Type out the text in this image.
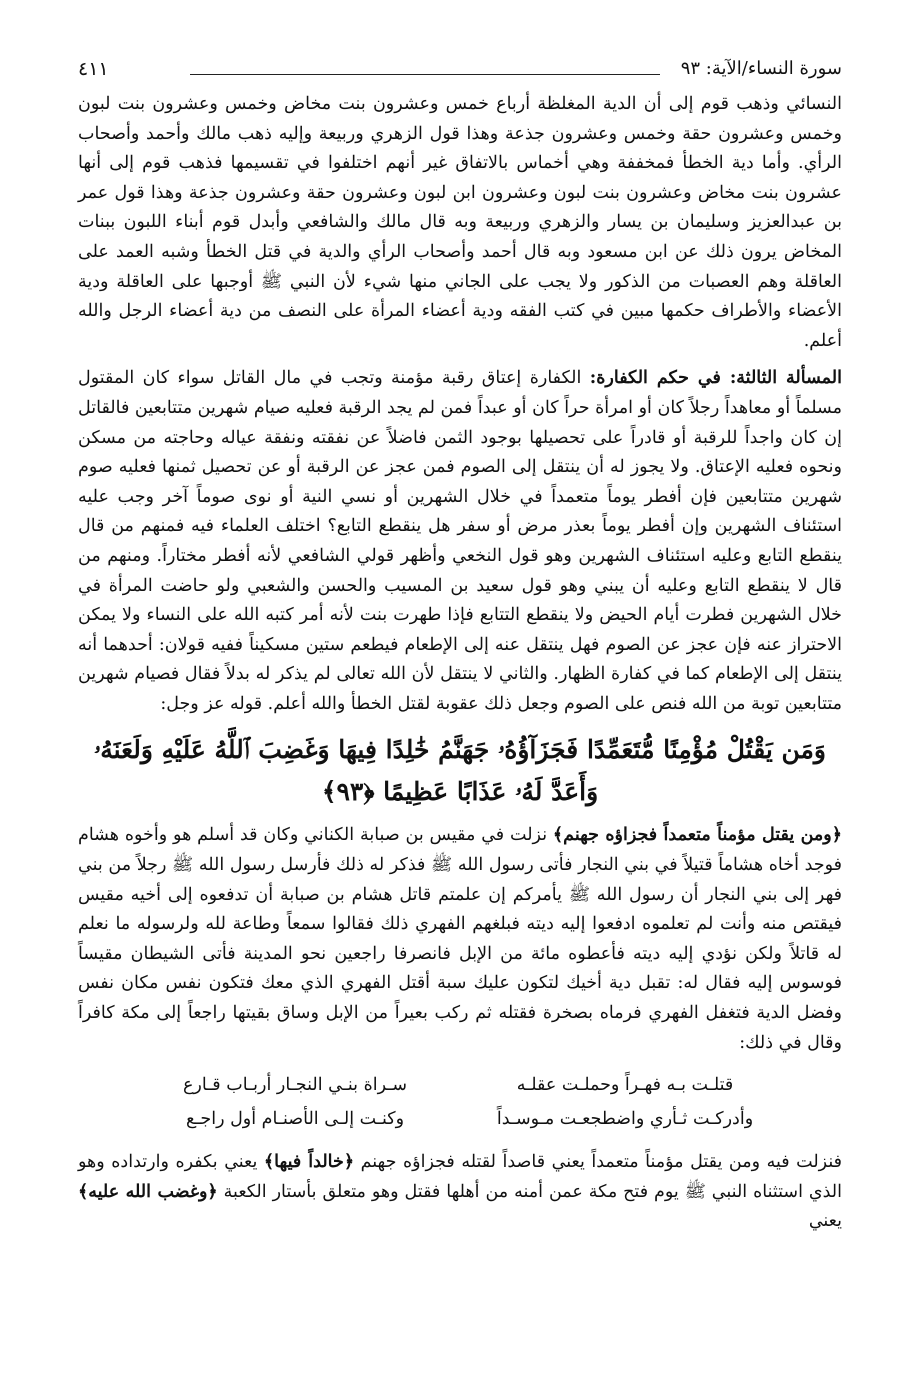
سورة النساء/الآية: ٩٣
٤١١

النسائي وذهب قوم إلى أن الدية المغلظة أرباع خمس وعشرون بنت مخاض وخمس وعشرون بنت لبون وخمس وعشرون حقة وخمس وعشرون جذعة وهذا قول الزهري وربيعة وإليه ذهب مالك وأحمد وأصحاب الرأي. وأما دية الخطأ فمخففة وهي أخماس بالاتفاق غير أنهم اختلفوا في تقسيمها فذهب قوم إلى أنها عشرون بنت مخاض وعشرون بنت لبون وعشرون ابن لبون وعشرون حقة وعشرون جذعة وهذا قول عمر بن عبدالعزيز وسليمان بن يسار والزهري وربيعة وبه قال مالك والشافعي وأبدل قوم أبناء اللبون ببنات المخاض يرون ذلك عن ابن مسعود وبه قال أحمد وأصحاب الرأي والدية في قتل الخطأ وشبه العمد على العاقلة وهم العصبات من الذكور ولا يجب على الجاني منها شيء لأن النبي ﷺ أوجبها على العاقلة ودية الأعضاء والأطراف حكمها مبين في كتب الفقه ودية أعضاء المرأة على النصف من دية أعضاء الرجل والله أعلم.

المسألة الثالثة: في حكم الكفارة: الكفارة إعتاق رقبة مؤمنة وتجب في مال القاتل سواء كان المقتول مسلماً أو معاهداً رجلاً كان أو امرأة حراً كان أو عبداً فمن لم يجد الرقبة فعليه صيام شهرين متتابعين فالقاتل إن كان واجداً للرقبة أو قادراً على تحصيلها بوجود الثمن فاضلاً عن نفقته ونفقة عياله وحاجته من مسكن ونحوه فعليه الإعتاق. ولا يجوز له أن ينتقل إلى الصوم فمن عجز عن الرقبة أو عن تحصيل ثمنها فعليه صوم شهرين متتابعين فإن أفطر يوماً متعمداً في خلال الشهرين أو نسي النية أو نوى صوماً آخر وجب عليه استئناف الشهرين وإن أفطر يوماً بعذر مرض أو سفر هل ينقطع التابع؟ اختلف العلماء فيه فمنهم من قال ينقطع التابع وعليه استئناف الشهرين وهو قول النخعي وأظهر قولي الشافعي لأنه أفطر مختاراً. ومنهم من قال لا ينقطع التابع وعليه أن يبني وهو قول سعيد بن المسيب والحسن والشعبي ولو حاضت المرأة في خلال الشهرين فطرت أيام الحيض ولا ينقطع التتابع فإذا طهرت بنت لأنه أمر كتبه الله على النساء ولا يمكن الاحتراز عنه فإن عجز عن الصوم فهل ينتقل عنه إلى الإطعام فيطعم ستين مسكيناً ففيه قولان: أحدهما أنه ينتقل إلى الإطعام كما في كفارة الظهار. والثاني لا ينتقل لأن الله تعالى لم يذكر له بدلاً فقال فصيام شهرين متتابعين توبة من الله فنص على الصوم وجعل ذلك عقوبة لقتل الخطأ والله أعلم. قوله عز وجل:

وَمَن يَقْتُلْ مُؤْمِنًا مُّتَعَمِّدًا فَجَزَآؤُهُۥ جَهَنَّمُ خَٰلِدًا فِيهَا وَغَضِبَ ٱللَّهُ عَلَيْهِ وَلَعَنَهُۥ وَأَعَدَّ لَهُۥ عَذَابًا عَظِيمًا ﴿٩٣﴾

﴿ومن يقتل مؤمناً متعمداً فجزاؤه جهنم﴾ نزلت في مقيس بن صبابة الكناني وكان قد أسلم هو وأخوه هشام فوجد أخاه هشاماً قتيلاً في بني النجار فأتى رسول الله ﷺ فذكر له ذلك فأرسل رسول الله ﷺ رجلاً من بني فهر إلى بني النجار أن رسول الله ﷺ يأمركم إن علمتم قاتل هشام بن صبابة أن تدفعوه إلى أخيه مقيس فيقتص منه وأنت لم تعلموه ادفعوا إليه ديته فبلغهم الفهري ذلك فقالوا سمعاً وطاعة لله ولرسوله ما نعلم له قاتلاً ولكن نؤدي إليه ديته فأعطوه مائة من الإبل فانصرفا راجعين نحو المدينة فأتى الشيطان مقيساً فوسوس إليه فقال له: تقبل دية أخيك لتكون عليك سبة أقتل الفهري الذي معك فتكون نفس مكان نفس وفضل الدية فتغفل الفهري فرماه بصخرة فقتله ثم ركب بعيراً من الإبل وساق بقيتها راجعاً إلى مكة كافراً وقال في ذلك:

قتلـت بـه فهـراً وحملـت عقلـه
سـراة بنـي النجـار أربـاب قـارع
وأدركـت ثـأري واضطجعـت مـوسـداً
وكنـت إلـى الأصنـام أول راجـع

فنزلت فيه ومن يقتل مؤمناً متعمداً يعني قاصداً لقتله فجزاؤه جهنم ﴿خالداً فيها﴾ يعني بكفره وارتداده وهو الذي استثناه النبي ﷺ يوم فتح مكة عمن أمنه من أهلها فقتل وهو متعلق بأستار الكعبة ﴿وغضب الله عليه﴾ يعني
